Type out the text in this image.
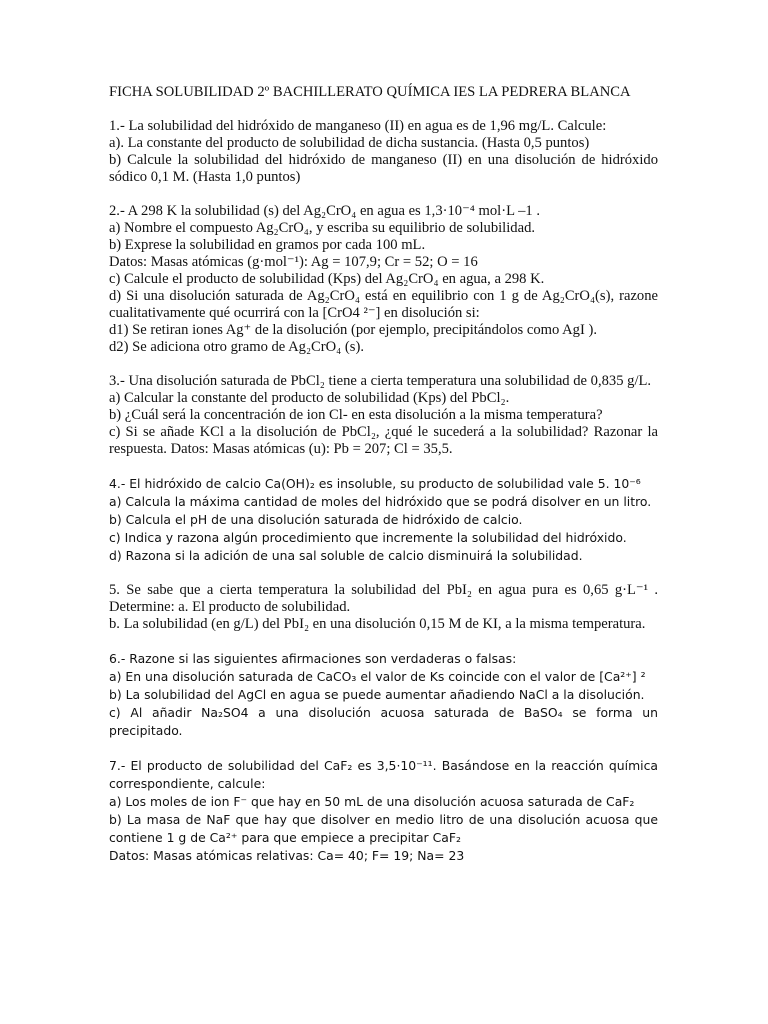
FICHA SOLUBILIDAD 2º BACHILLERATO QUÍMICA IES LA PEDRERA BLANCA

1.- La solubilidad del hidróxido de manganeso (II) en agua es de 1,96 mg/L. Calcule:

a). La constante del producto de solubilidad de dicha sustancia. (Hasta 0,5 puntos)

b) Calcule la solubilidad del hidróxido de manganeso (II) en una disolución de hidróxido sódico 0,1 M. (Hasta 1,0 puntos)

2.- A 298 K la solubilidad (s) del Ag₂CrO₄ en agua es 1,3·10⁻⁴ mol·L –1 .

a) Nombre el compuesto Ag₂CrO₄, y escriba su equilibrio de solubilidad.

b) Exprese la solubilidad en gramos por cada 100 mL.

Datos: Masas atómicas (g·mol⁻¹): Ag = 107,9; Cr = 52; O = 16

c) Calcule el producto de solubilidad (Kps) del Ag₂CrO₄ en agua, a 298 K.

d) Si una disolución saturada de Ag₂CrO₄ está en equilibrio con 1 g de Ag₂CrO₄(s), razone cualitativamente qué ocurrirá con la [CrO4 ²⁻] en disolución si:

d1) Se retiran iones Ag⁺ de la disolución (por ejemplo, precipitándolos como AgI ).

d2) Se adiciona otro gramo de Ag₂CrO₄ (s).

3.- Una disolución saturada de PbCl₂ tiene a cierta temperatura una solubilidad de 0,835 g/L.

a) Calcular la constante del producto de solubilidad (Kps) del PbCl₂.

b) ¿Cuál será la concentración de ion Cl- en esta disolución a la misma temperatura?

c) Si se añade KCl a la disolución de PbCl₂, ¿qué le sucederá a la solubilidad? Razonar la respuesta. Datos: Masas atómicas (u): Pb = 207; Cl = 35,5.

4.- El hidróxido de calcio Ca(OH)₂ es insoluble, su producto de solubilidad vale 5. 10⁻⁶

a) Calcula la máxima cantidad de moles del hidróxido que se podrá disolver en un litro.

b) Calcula el pH de una disolución saturada de hidróxido de calcio.

c) Indica y razona algún procedimiento que incremente la solubilidad del hidróxido.

d) Razona si la adición de una sal soluble de calcio disminuirá la solubilidad.

5. Se sabe que a cierta temperatura la solubilidad del PbI₂ en agua pura es 0,65 g·L⁻¹ . Determine: a. El producto de solubilidad.

b. La solubilidad (en g/L) del PbI₂ en una disolución 0,15 M de KI, a la misma temperatura.

6.- Razone si las siguientes afirmaciones son verdaderas o falsas:

a) En una disolución saturada de CaCO₃ el valor de Ks coincide con el valor de [Ca²⁺] ²

b) La solubilidad del AgCl en agua se puede aumentar añadiendo NaCl a la disolución.

c) Al añadir Na₂SO4 a una disolución acuosa saturada de BaSO₄ se forma un precipitado.

7.- El producto de solubilidad del CaF₂ es 3,5·10⁻¹¹. Basándose en la reacción química correspondiente, calcule:

a) Los moles de ion F⁻ que hay en 50 mL de una disolución acuosa saturada de CaF₂

b) La masa de NaF que hay que disolver en medio litro de una disolución acuosa que contiene 1 g de Ca²⁺ para que empiece a precipitar CaF₂

Datos: Masas atómicas relativas: Ca= 40; F= 19; Na= 23
